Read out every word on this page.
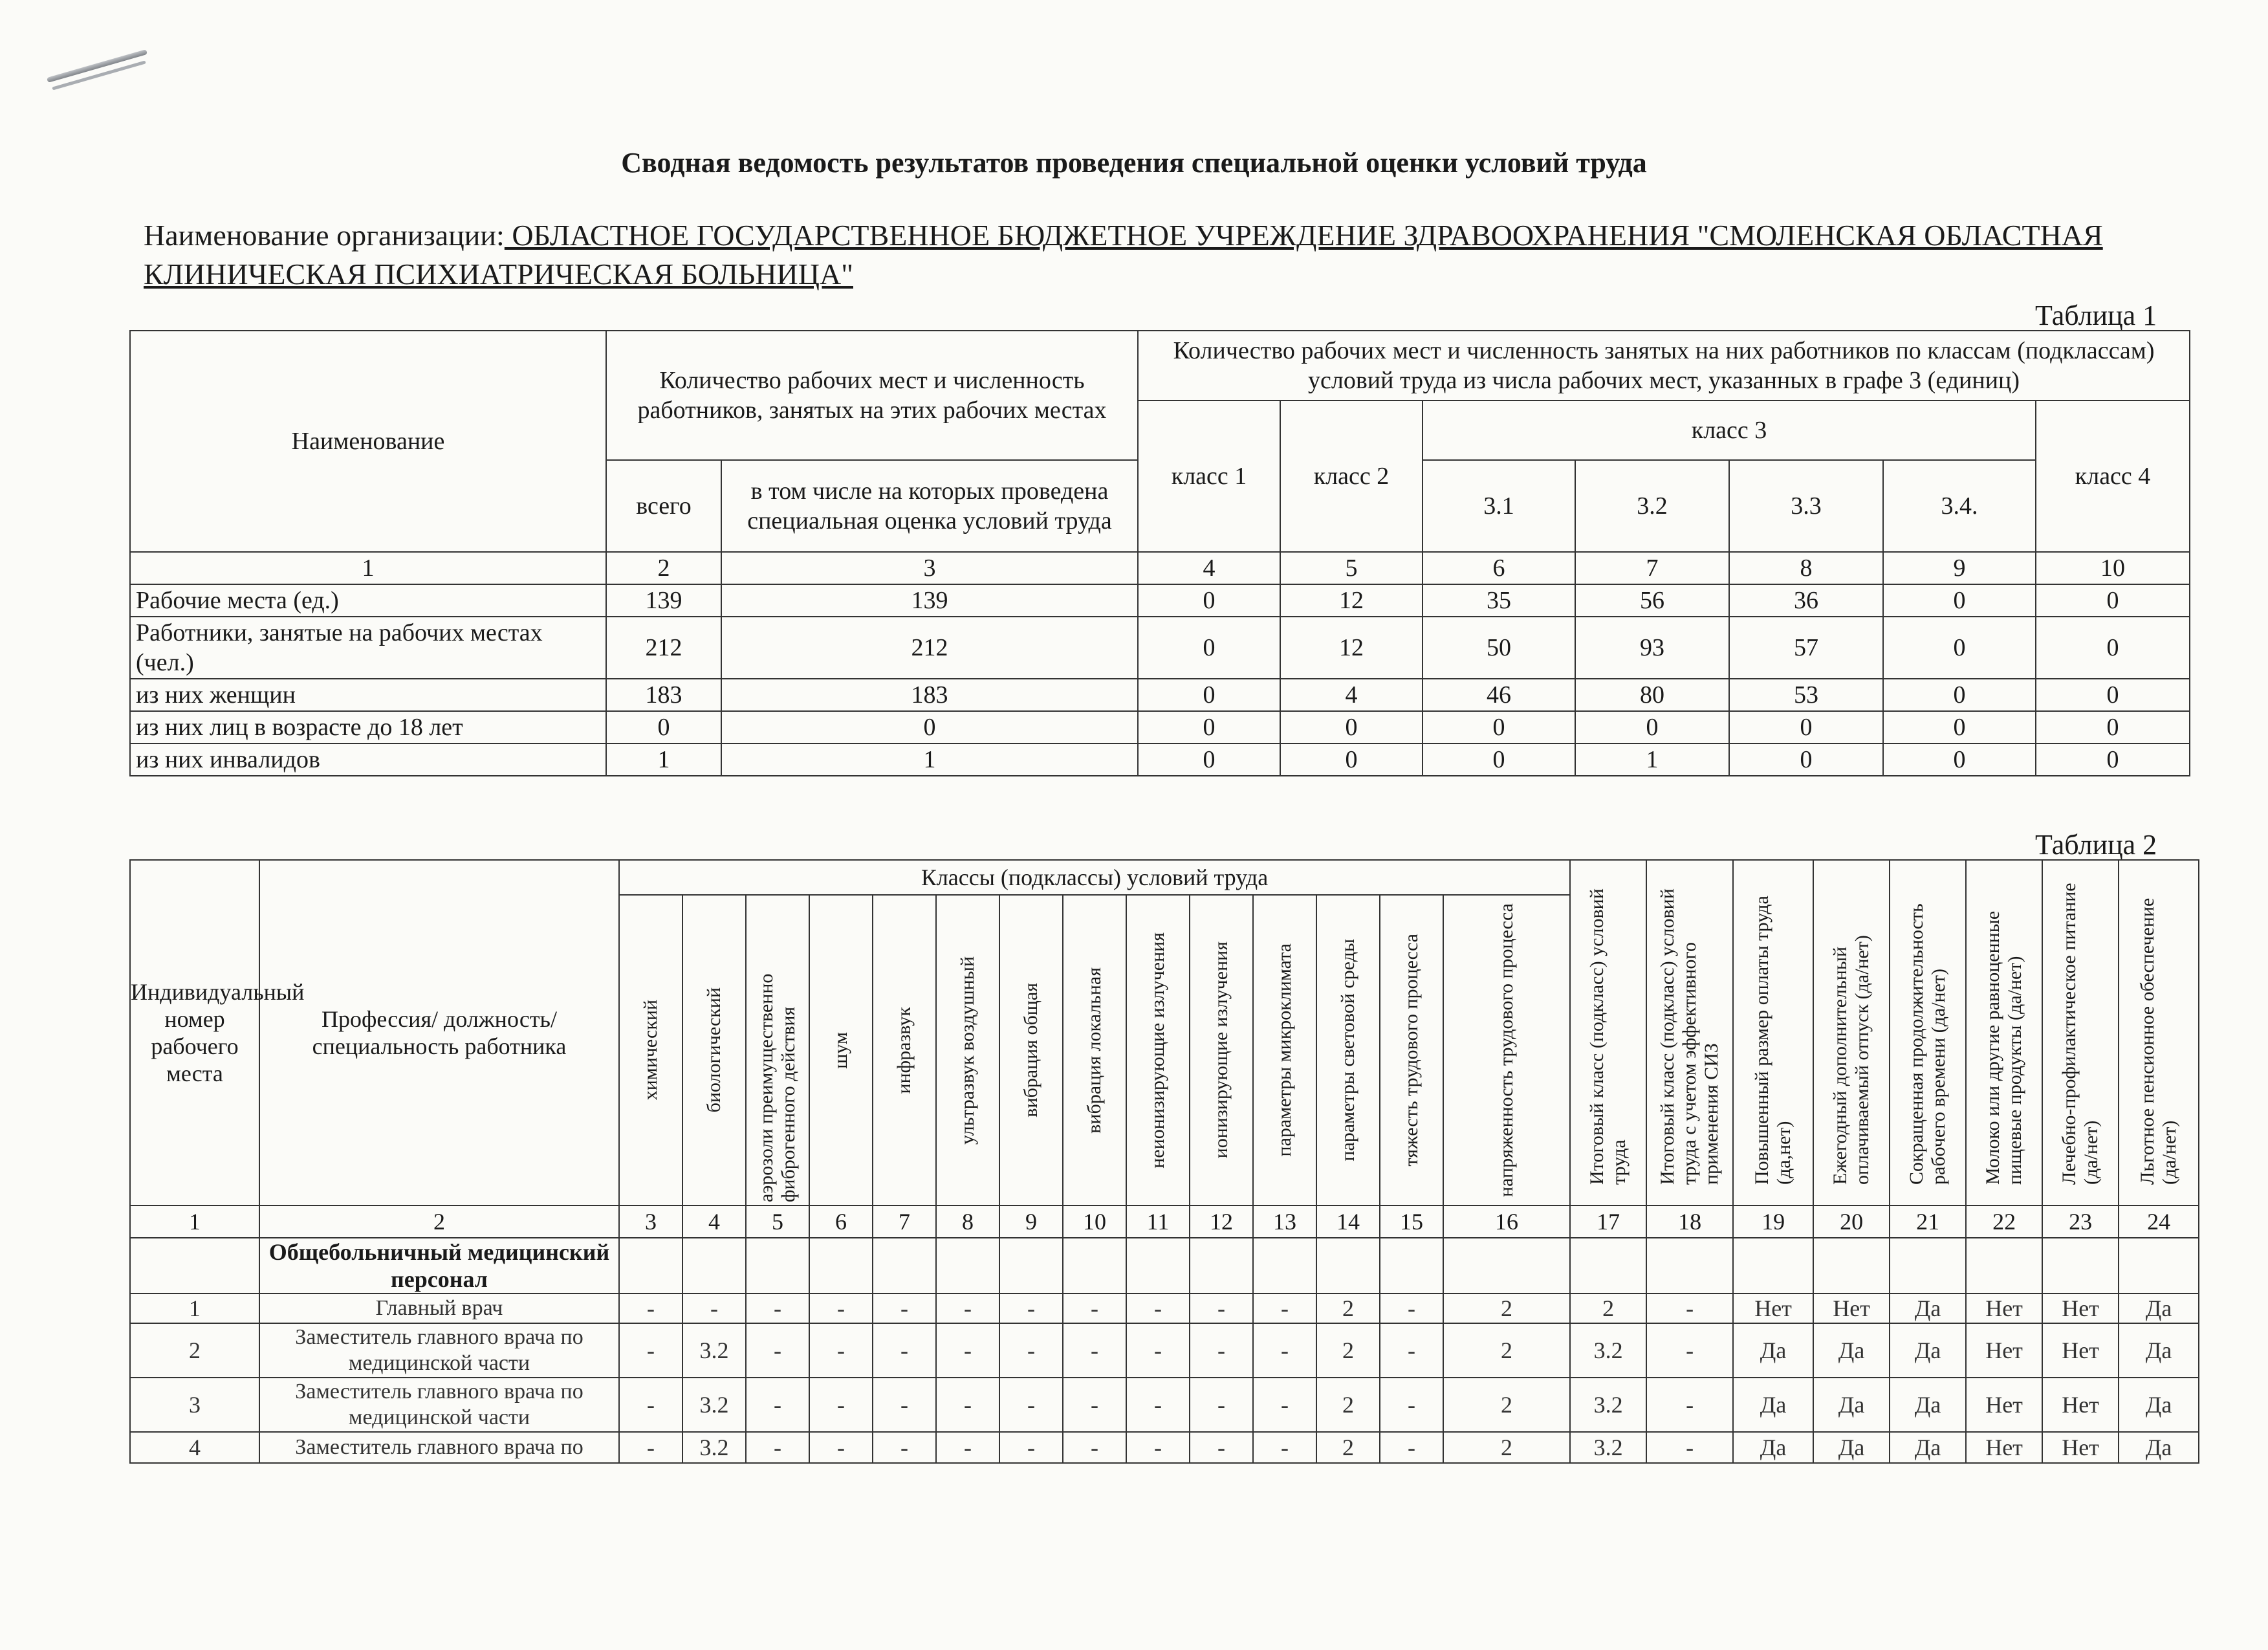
Сводная ведомость результатов проведения специальной оценки условий труда
Наименование организации: ОБЛАСТНОЕ ГОСУДАРСТВЕННОЕ БЮДЖЕТНОЕ УЧРЕЖДЕНИЕ ЗДРАВООХРАНЕНИЯ "СМОЛЕНСКАЯ ОБЛАСТНАЯ КЛИНИЧЕСКАЯ ПСИХИАТРИЧЕСКАЯ БОЛЬНИЦА"
Таблица 1
Наименование	Количество рабочих мест и численность работников, занятых на этих рабочих местах		Количество рабочих мест и численность занятых на них работников по классам (подклассам) условий труда из числа рабочих мест, указанных в графе 3 (единиц)						
			класс 1	класс 2	класс 3				класс 4
	всего	в том числе на которых проведена специальная оценка условий труда			3.1	3.2	3.3	3.4.	
1	2	3	4	5	6	7	8	9	10
Рабочие места (ед.)	139	139	0	12	35	56	36	0	0
Работники, занятые на рабочих местах (чел.)	212	212	0	12	50	93	57	0	0
из них женщин	183	183	0	4	46	80	53	0	0
из них лиц в возрасте до 18 лет	0	0	0	0	0	0	0	0	0
из них инвалидов	1	1	0	0	0	1	0	0	0
Таблица 2
Индивидуальный номер рабочего места	Профессия/ должность/ специальность работника	Классы (подклассы) условий труда														Итоговый класс (подкласс) условий труда	Итоговый класс (подкласс) условий труда с учетом эффективного применения СИЗ	Повышенный размер оплаты труда (да,нет)	Ежегодный дополнительный оплачиваемый отпуск (да/нет)	Сокращенная продолжительность рабочего времени (да/нет)	Молоко или другие равноценные пищевые продукты (да/нет)	Лечебно-профилактическое питание (да/нет)	Льготное пенсионное обеспечение (да/нет)

		химический	биологический	аэрозоли преимущественно фиброгенного действия	шум	инфразвук	ультразвук воздушный	вибрация общая	вибрация локальная	неионизирующие излучения	ионизирующие излучения	параметры микроклимата	параметры световой среды	тяжесть трудового процесса	напряженность трудового процесса								

1	2	3	4	5	6	7	8	9	10	11	12	13	14	15	16	17	18	19	20	21	22	23	24
	Общебольничный медицинский персонал																						
1	Главный врач	-	-	-	-	-	-	-	-	-	-	-	2	-	2	2	-	Нет	Нет	Да	Нет	Нет	Да
2	Заместитель главного врача по медицинской части	-	3.2	-	-	-	-	-	-	-	-	-	2	-	2	3.2	-	Да	Да	Да	Нет	Нет	Да
3	Заместитель главного врача по медицинской части	-	3.2	-	-	-	-	-	-	-	-	-	2	-	2	3.2	-	Да	Да	Да	Нет	Нет	Да
4	Заместитель главного врача по	-	3.2	-	-	-	-	-	-	-	-	-	2	-	2	3.2	-	Да	Да	Да	Нет	Нет	Да
